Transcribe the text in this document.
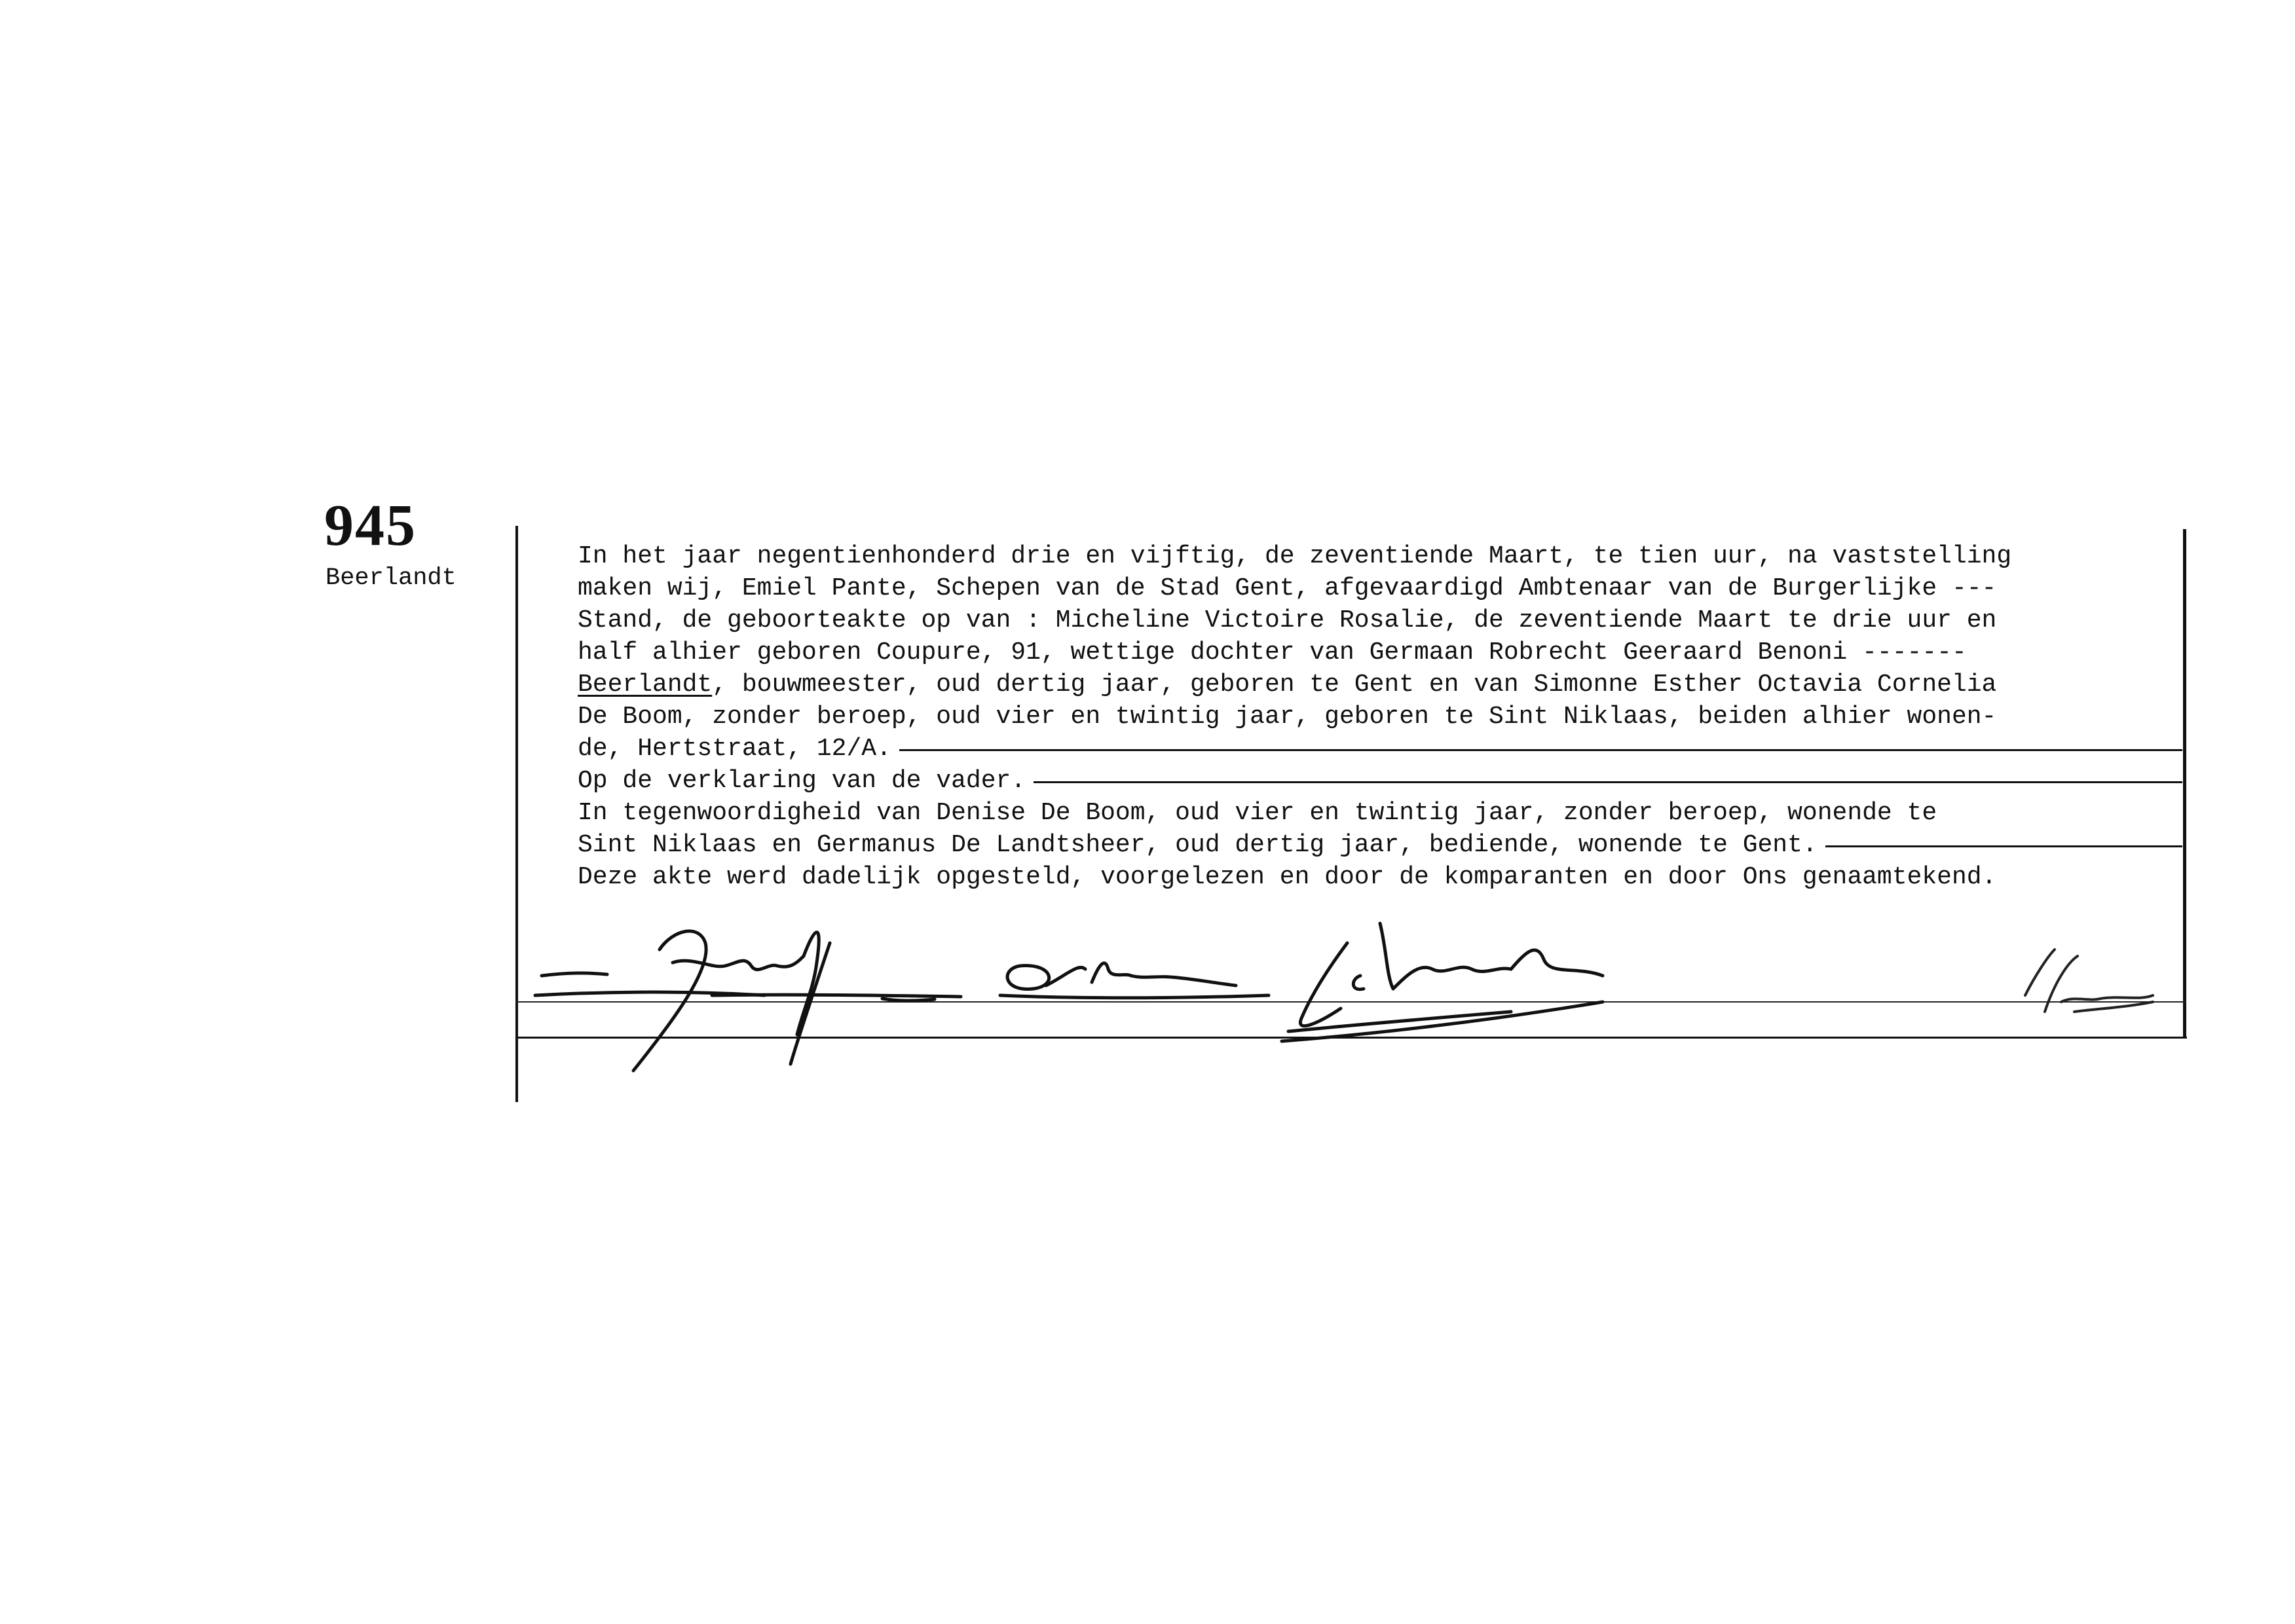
945
Beerlandt
In het jaar negentienhonderd drie en vijftig, de zeventiende Maart, te tien uur, na vaststelling
maken wij, Emiel Pante, Schepen van de Stad Gent, afgevaardigd Ambtenaar van de Burgerlijke ---
Stand, de geboorteakte op van : Micheline Victoire Rosalie, de zeventiende Maart te drie uur en
half alhier geboren Coupure, 91, wettige dochter van Germaan Robrecht Geeraard Benoni -------
Beerlandt , bouwmeester, oud dertig jaar, geboren te Gent en van Simonne Esther Octavia Cornelia
De Boom, zonder beroep, oud vier en twintig jaar, geboren te Sint Niklaas, beiden alhier wonen-
de, Hertstraat, 12/A.
Op de verklaring van de vader.
In tegenwoordigheid van Denise De Boom, oud vier en twintig jaar, zonder beroep, wonende te
Sint Niklaas en Germanus De Landtsheer, oud dertig jaar, bediende, wonende te Gent.
Deze akte werd dadelijk opgesteld, voorgelezen en door de komparanten en door Ons genaamtekend.
